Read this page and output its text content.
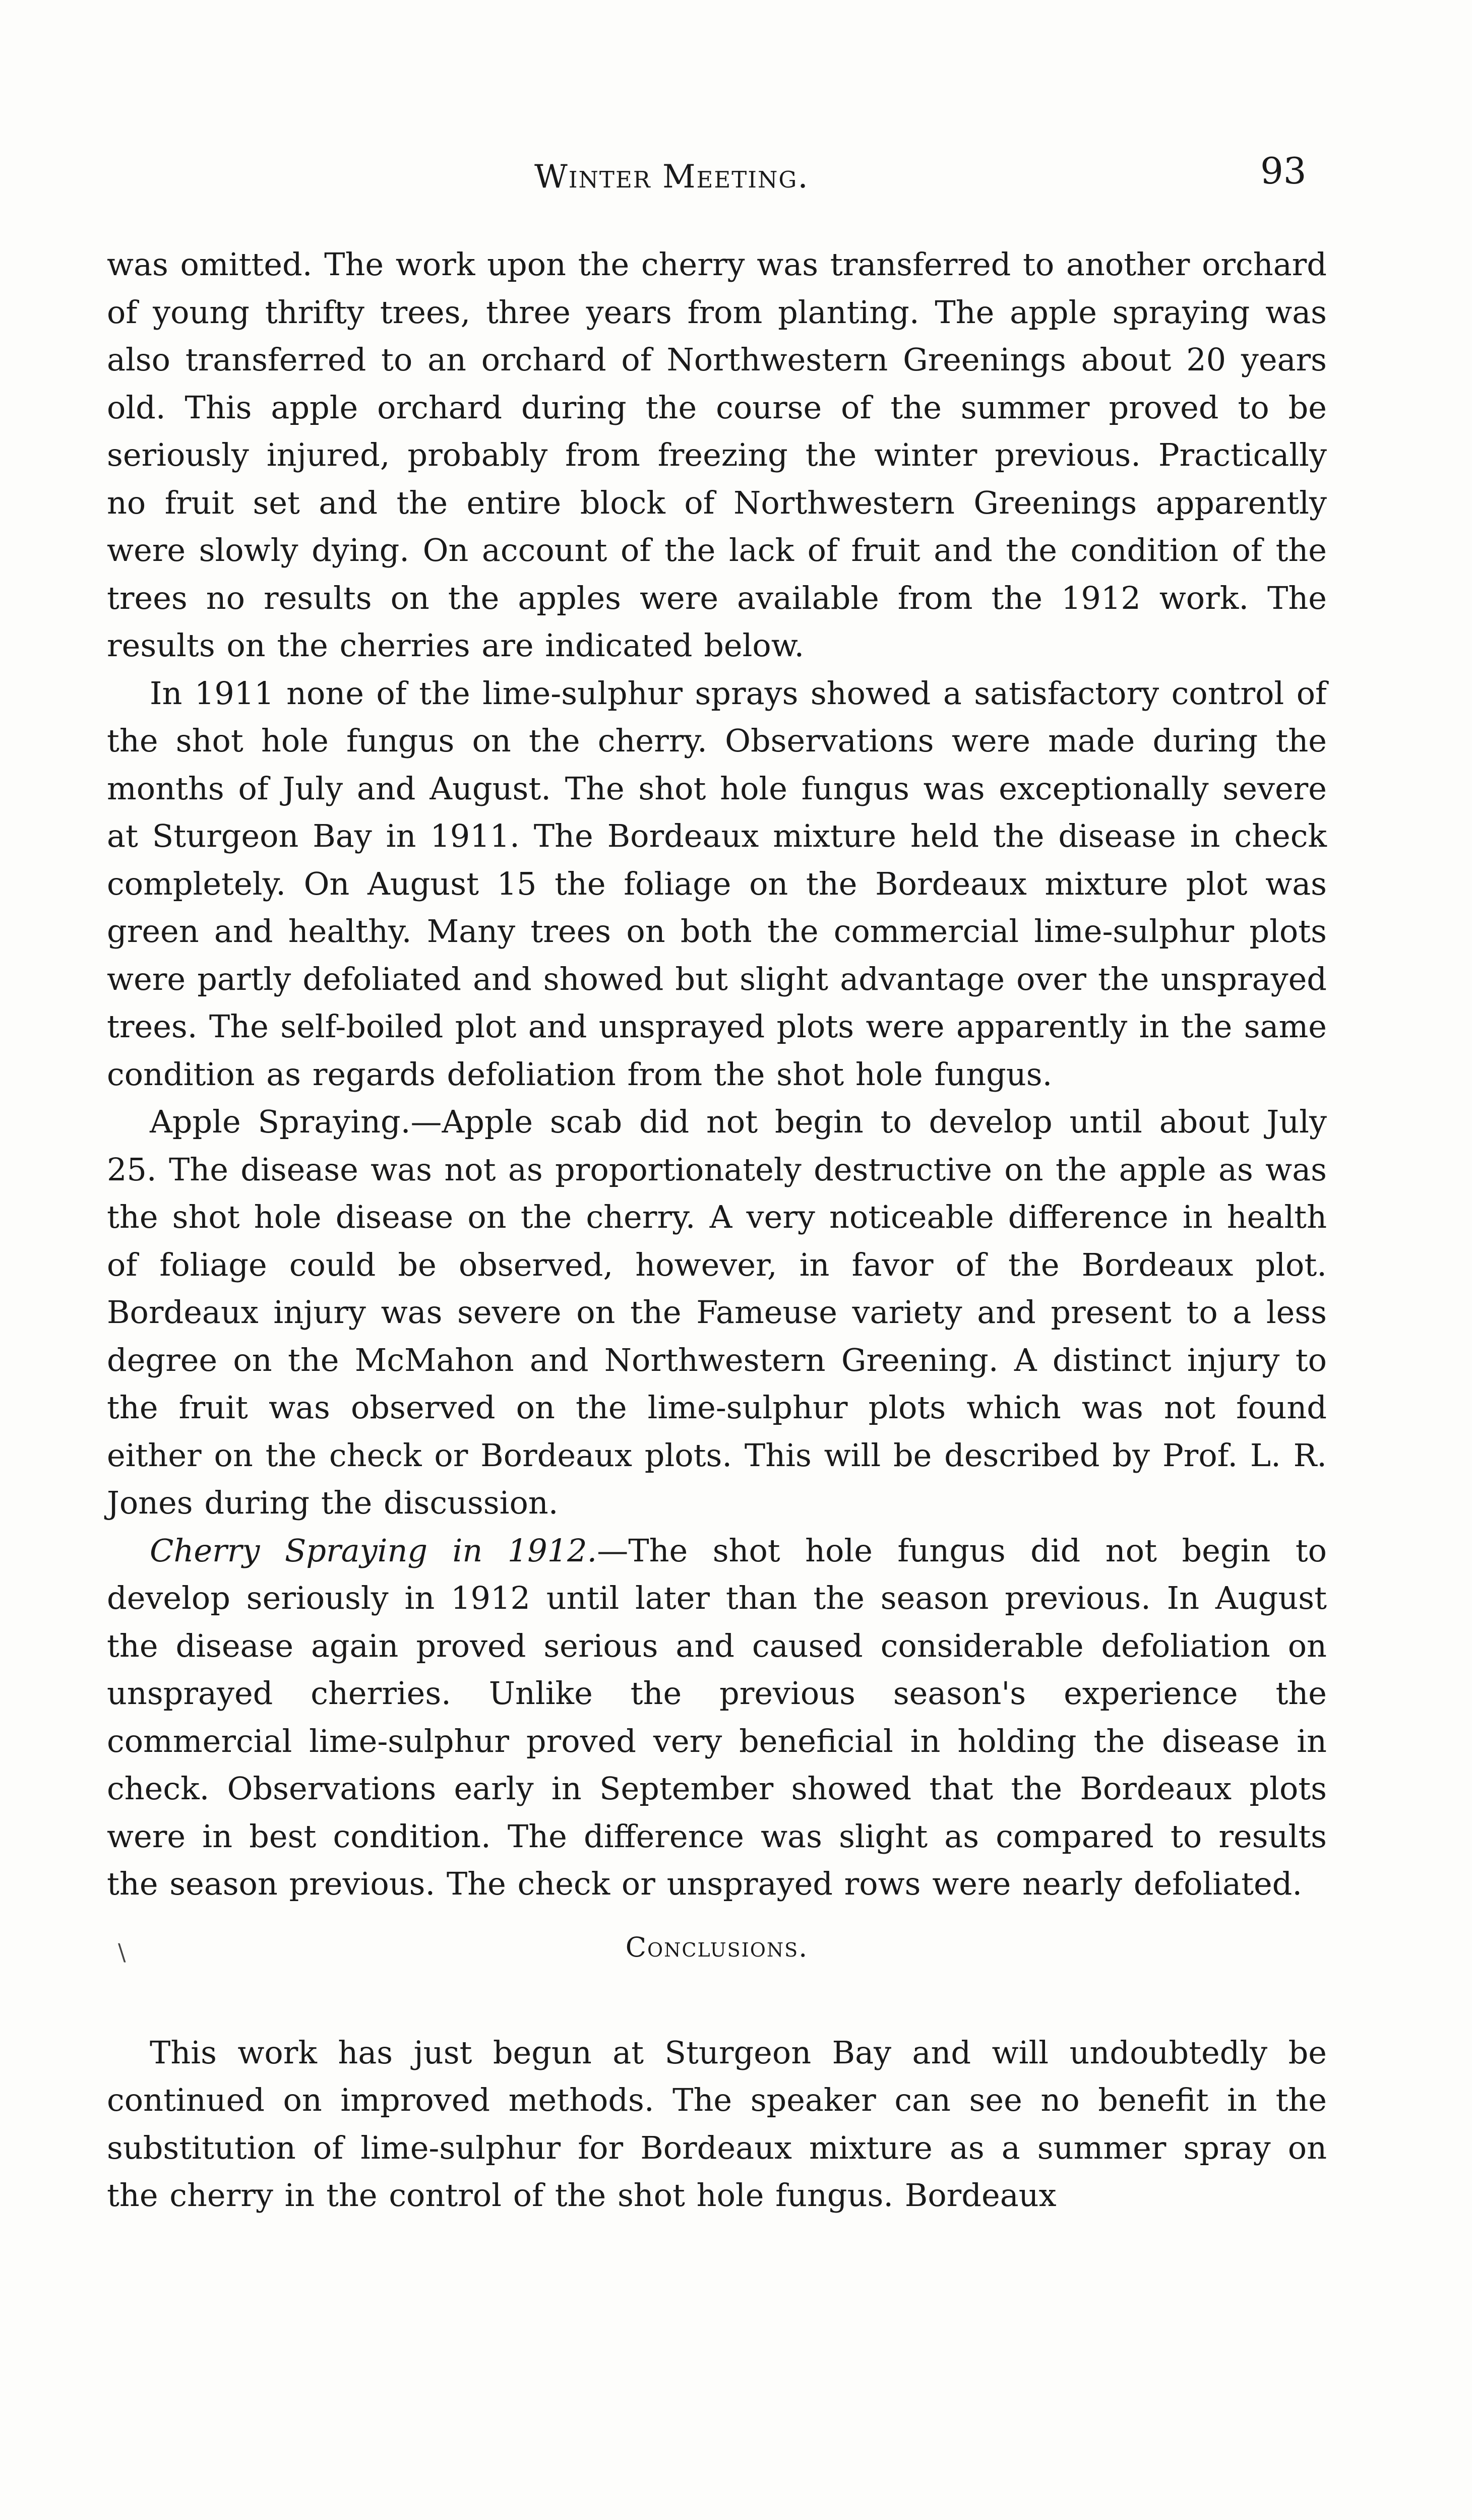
Winter Meeting.	93

was omitted. The work upon the cherry was transferred to another orchard of young thrifty trees, three years from planting. The apple spraying was also transferred to an orchard of Northwestern Greenings about 20 years old. This apple orchard during the course of the summer proved to be seriously injured, probably from freezing the winter previous. Practically no fruit set and the entire block of Northwestern Greenings apparently were slowly dying. On account of the lack of fruit and the condition of the trees no results on the apples were available from the 1912 work. The results on the cherries are indicated below.

In 1911 none of the lime-sulphur sprays showed a satisfactory control of the shot hole fungus on the cherry. Observations were made during the months of July and August. The shot hole fungus was exceptionally severe at Sturgeon Bay in 1911. The Bordeaux mixture held the disease in check completely. On August 15 the foliage on the Bordeaux mixture plot was green and healthy. Many trees on both the commercial lime-sulphur plots were partly defoliated and showed but slight advantage over the unsprayed trees. The self-boiled plot and unsprayed plots were apparently in the same condition as regards defoliation from the shot hole fungus.

Apple Spraying.—Apple scab did not begin to develop until about July 25. The disease was not as proportionately destructive on the apple as was the shot hole disease on the cherry. A very noticeable difference in health of foliage could be observed, however, in favor of the Bordeaux plot. Bordeaux injury was severe on the Fameuse variety and present to a less degree on the McMahon and Northwestern Greening. A distinct injury to the fruit was observed on the lime-sulphur plots which was not found either on the check or Bordeaux plots. This will be described by Prof. L. R. Jones during the discussion.

Cherry Spraying in 1912.—The shot hole fungus did not begin to develop seriously in 1912 until later than the season previous. In August the disease again proved serious and caused considerable defoliation on unsprayed cherries. Unlike the previous season's experience the commercial lime-sulphur proved very beneficial in holding the disease in check. Observations early in September showed that the Bordeaux plots were in best condition. The difference was slight as compared to results the season previous. The check or unsprayed rows were nearly defoliated.

Conclusions.
\

This work has just begun at Sturgeon Bay and will undoubtedly be continued on improved methods. The speaker can see no benefit in the substitution of lime-sulphur for Bordeaux mixture as a summer spray on the cherry in the control of the shot hole fungus. Bordeaux
